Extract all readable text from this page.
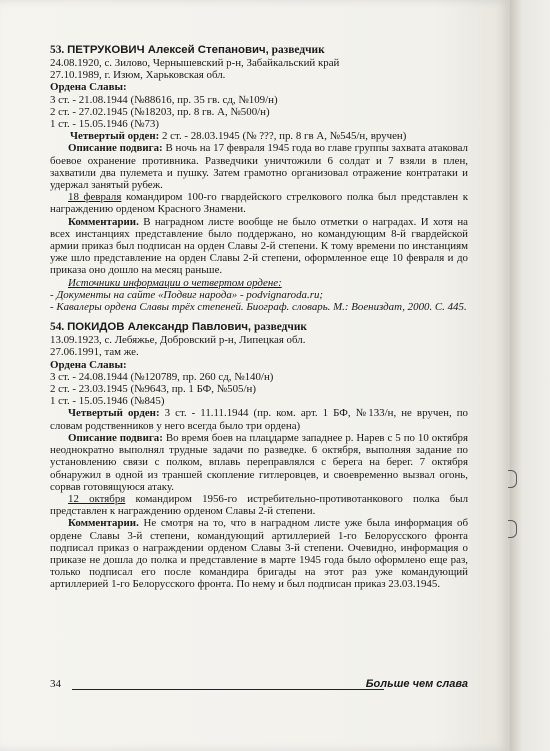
53. ПЕТРУКОВИЧ Алексей Степанович, разведчик

24.08.1920, с. Зилово, Чернышевский р-н, Забайкальский край

27.10.1989, г. Изюм, Харьковская обл.

Ордена Славы:

3 ст. - 21.08.1944 (№88616, пр. 35 гв. сд, №109/н)

2 ст. - 27.02.1945 (№18203, пр. 8 гв. А, №500/н)

1 ст. - 15.05.1946 (№73)

Четвертый орден: 2 ст. - 28.03.1945 (№ ???, пр. 8 гв А, №545/н, вручен)

Описание подвига: В ночь на 17 февраля 1945 года во главе группы захвата атаковал боевое охранение противника. Разведчики уничтожили 6 солдат и 7 взяли в плен, захватили два пулемета и пушку. Затем грамотно организовал отражение контратаки и удержал занятый рубеж.

18 февраля командиром 100-го гвардейского стрелкового полка был представлен к награждению орденом Красного Знамени.

Комментарии. В наградном листе вообще не было отметки о наградах. И хотя на всех инстанциях представление было поддержано, но командующим 8-й гвардейской армии приказ был подписан на орден Славы 2-й степени. К тому времени по инстанциям уже шло представление на орден Славы 2-й степени, оформленное еще 10 февраля и до приказа оно дошло на месяц раньше.

Источники информации о четвертом ордене:

- Документы на сайте «Подвиг народа» - podvignaroda.ru;

- Кавалеры ордена Славы трёх степеней. Биограф. словарь. М.: Воениздат, 2000. С. 445.

54. ПОКИДОВ Александр Павлович, разведчик

13.09.1923, с. Лебяжье, Добровский р-н, Липецкая обл.

27.06.1991, там же.

Ордена Славы:

3 ст. - 24.08.1944 (№120789, пр. 260 сд, №140/н)

2 ст. - 23.03.1945 (№9643, пр. 1 БФ, №505/н)

1 ст. - 15.05.1946 (№845)

Четвертый орден: 3 ст. - 11.11.1944 (пр. ком. арт. 1 БФ, №133/н, не вручен, по словам родственников у него всегда было три ордена)

Описание подвига: Во время боев на плацдарме западнее р. Нарев с 5 по 10 октября неоднократно выполнял трудные задачи по разведке. 6 октября, выполняя задание по установлению связи с полком, вплавь переправлялся с берега на берег. 7 октября обнаружил в одной из траншей скопление гитлеровцев, и своевременно вызвал огонь, сорвав готовящуюся атаку.

12 октября командиром 1956-го истребительно-противотанкового полка был представлен к награждению орденом Славы 2-й степени.

Комментарии. Не смотря на то, что в наградном листе уже была информация об ордене Славы 3-й степени, командующий артиллерией 1-го Белорусского фронта подписал приказ о награждении орденом Славы 3-й степени. Очевидно, информация о приказе не дошла до полка и представление в марте 1945 года было оформлено еще раз, только подписал его после командира бригады на этот раз уже командующий артиллерией 1-го Белорусского фронта. По нему и был подписан приказ 23.03.1945.

34	Больше чем слава
